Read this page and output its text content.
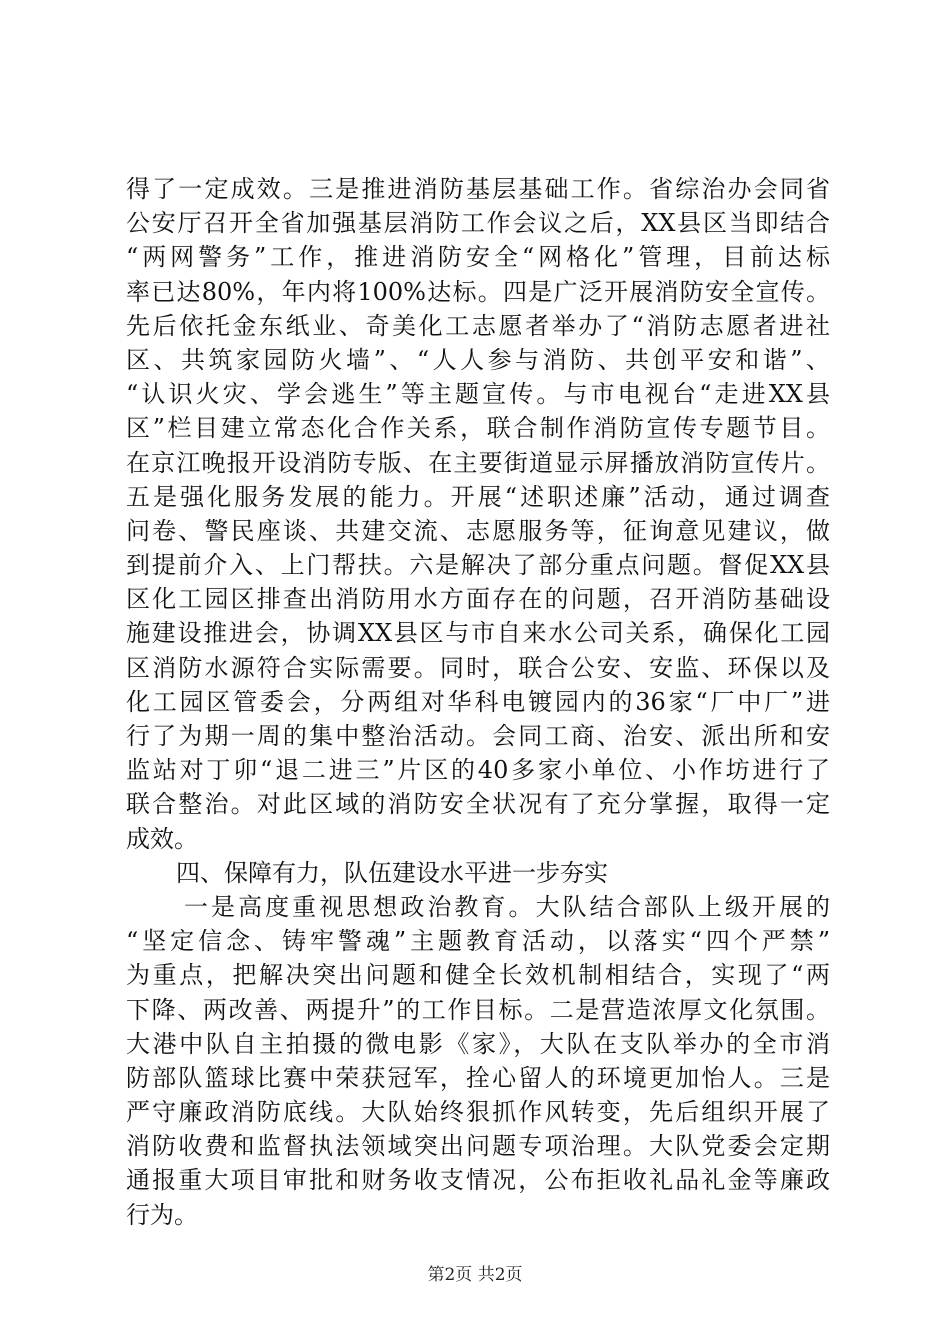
得了一定成效。三是推进消防基层基础工作。省综治办会同省
公安厅召开全省加强基层消防工作会议之后，XX县区当即结合
“两网警务”工作，推进消防安全“网格化”管理，目前达标
率已达80%，年内将100%达标。四是广泛开展消防安全宣传。
先后依托金东纸业、奇美化工志愿者举办了“消防志愿者进社
区、共筑家园防火墙”、“人人参与消防、共创平安和谐”、
“认识火灾、学会逃生”等主题宣传。与市电视台“走进XX县
区”栏目建立常态化合作关系，联合制作消防宣传专题节目。
在京江晚报开设消防专版、在主要街道显示屏播放消防宣传片。
五是强化服务发展的能力。开展“述职述廉”活动，通过调查
问卷、警民座谈、共建交流、志愿服务等，征询意见建议，做
到提前介入、上门帮扶。六是解决了部分重点问题。督促XX县
区化工园区排查出消防用水方面存在的问题，召开消防基础设
施建设推进会，协调XX县区与市自来水公司关系，确保化工园
区消防水源符合实际需要。同时，联合公安、安监、环保以及
化工园区管委会，分两组对华科电镀园内的36家“厂中厂”进
行了为期一周的集中整治活动。会同工商、治安、派出所和安
监站对丁卯“退二进三”片区的40多家小单位、小作坊进行了
联合整治。对此区域的消防安全状况有了充分掌握，取得一定
成效。
四、保障有力，队伍建设水平进一步夯实
一是高度重视思想政治教育。大队结合部队上级开展的
“坚定信念、铸牢警魂”主题教育活动，以落实“四个严禁”
为重点，把解决突出问题和健全长效机制相结合，实现了“两
下降、两改善、两提升”的工作目标。二是营造浓厚文化氛围。
大港中队自主拍摄的微电影《家》，大队在支队举办的全市消
防部队篮球比赛中荣获冠军，拴心留人的环境更加怡人。三是
严守廉政消防底线。大队始终狠抓作风转变，先后组织开展了
消防收费和监督执法领域突出问题专项治理。大队党委会定期
通报重大项目审批和财务收支情况，公布拒收礼品礼金等廉政
行为。
第2页 共2页
